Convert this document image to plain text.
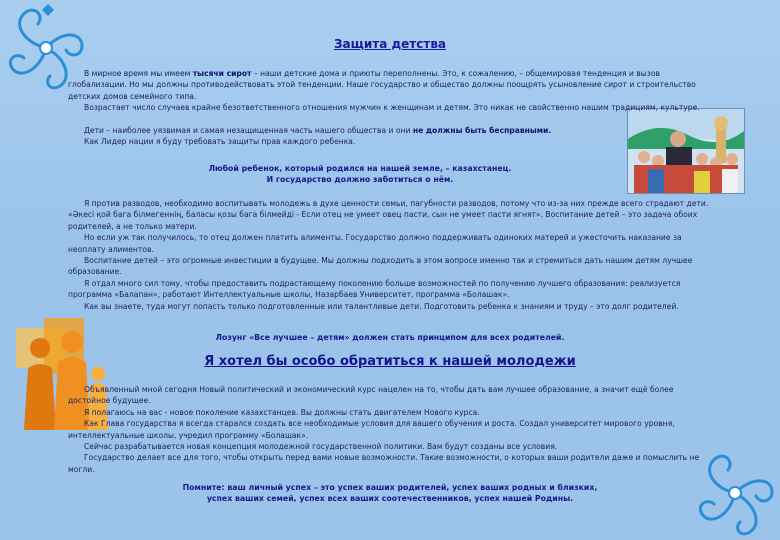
Защита детства

В мирное время мы имеем тысячи сирот – наши детские дома и приюты переполнены. Это, к сожалению, – общемировая тенденция и вызов глобализации. Но мы должны противодействовать этой тенденции. Наше государство и общество должны поощрять усыновление сирот и строительство детских домов семейного типа.

Возрастает число случаев крайне безответственного отношения мужчин к женщинам и детям. Это никак не свойственно нашим традициям, культуре.

Дети – наиболее уязвимая и самая незащищенная часть нашего общества и они не должны быть бесправными.

Как Лидер нации я буду требовать защиты прав каждого ребенка.

Любой ребенок, который родился на нашей земле, – казахстанец.

И государство должно заботиться о нём.

Я против разводов, необходимо воспитывать молодежь в духе ценности семьи, пагубности разводов, потому что из-за них прежде всего страдают дети. «Әкесі қой бага білмегеннің, баласы қозы бага білмейді - Если отец не умеет овец пасти, сын не умеет пасти ягнят». Воспитание детей – это задача обоих родителей, а не только матери.

Но если уж так получилось, то отец должен платить алименты. Государство должно поддерживать одиноких матерей и ужесточить наказание за неоплату алиментов.

Воспитание детей – это огромные инвестиции в будущее. Мы должны подходить в этом вопросе именно так и стремиться дать нашим детям лучшее образование.

Я отдал много сил тому, чтобы предоставить подрастающему поколению больше возможностей по получению лучшего образования: реализуется программа «Балапан», работают Интеллектуальные школы, Назарбаев Университет, программа «Болашак».

Как вы знаете, туда могут попасть только подготовленные или талантливые дети. Подготовить ребенка к знаниям и труду – это долг родителей.

Лозунг «Все лучшее – детям» должен стать принципом для всех родителей.
Я хотел бы особо обратиться к нашей молодежи

Объявленный мной сегодня Новый политический и экономический курс нацелен на то, чтобы дать вам лучшее образование, а значит ещё более достойное будущее.

Я полагаюсь на вас - новое поколение казахстанцев. Вы должны стать двигателем Нового курса.

Как Глава государства я всегда старался создать все необходимые условия для вашего обучения и роста. Создал университет мирового уровня, интеллектуальные школы, учредил программу «Болашак».

Сейчас разрабатывается новая концепция молодежной государственной политики. Вам будут созданы все условия.

Государство делает все для того, чтобы открыть перед вами новые возможности. Такие возможности, о которых ваши родители даже и помыслить не могли.

Помните: ваш личный успех – это успех ваших родителей, успех ваших родных и близких,

успех ваших семей, успех всех ваших соотечественников, успех нашей Родины.
